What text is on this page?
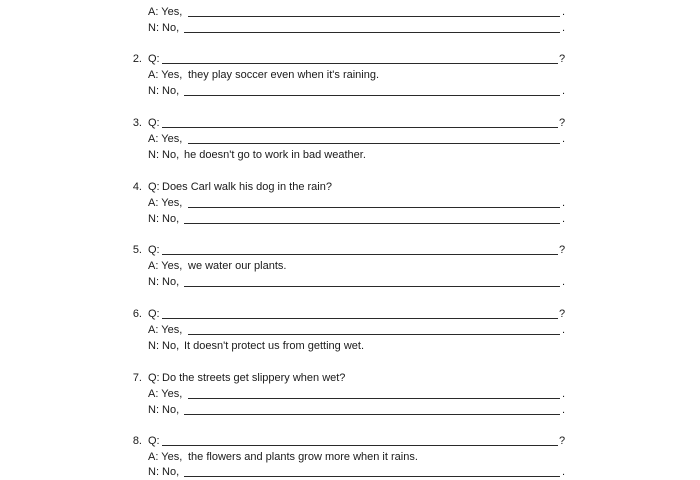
A: Yes,	.
N: No,	.
2. Q:	?
A: Yes, they play soccer even when it's raining.
N: No,	.
3. Q:	?
A: Yes,	.
N: No, he doesn't go to work in bad weather.
4. Q: Does Carl walk his dog in the rain?
A: Yes,	.
N: No,	.
5. Q:	?
A: Yes, we water our plants.
N: No,	.
6. Q:	?
A: Yes,	.
N: No, It doesn't protect us from getting wet.
7. Q: Do the streets get slippery when wet?
A: Yes,	.
N: No,	.
8. Q:	?
A: Yes, the flowers and plants grow more when it rains.
N: No,	.
